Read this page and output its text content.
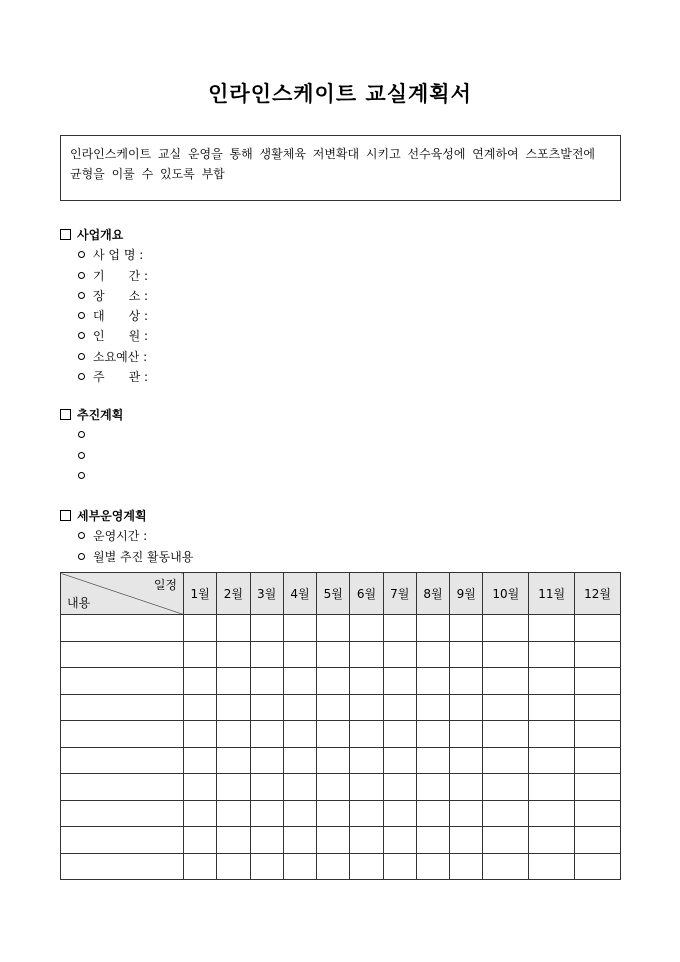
인라인스케이트 교실계획서
인라인스케이트 교실 운영을 통해 생활체육 저변확대 시키고 선수육성에 연계하여 스포츠발전에 균형을 이룰 수 있도록 부합
사업개요
사 업 명 :
기　　간 :
장　　소 :
대　　상 :
인　　원 :
소요예산 :
주　　관 :
추진계획
세부운영계획
운영시간 :
월별 추진 활동내용
일정
내용	1월	2월	3월	4월	5월	6월	7월	8월	9월	10월	11월	12월
